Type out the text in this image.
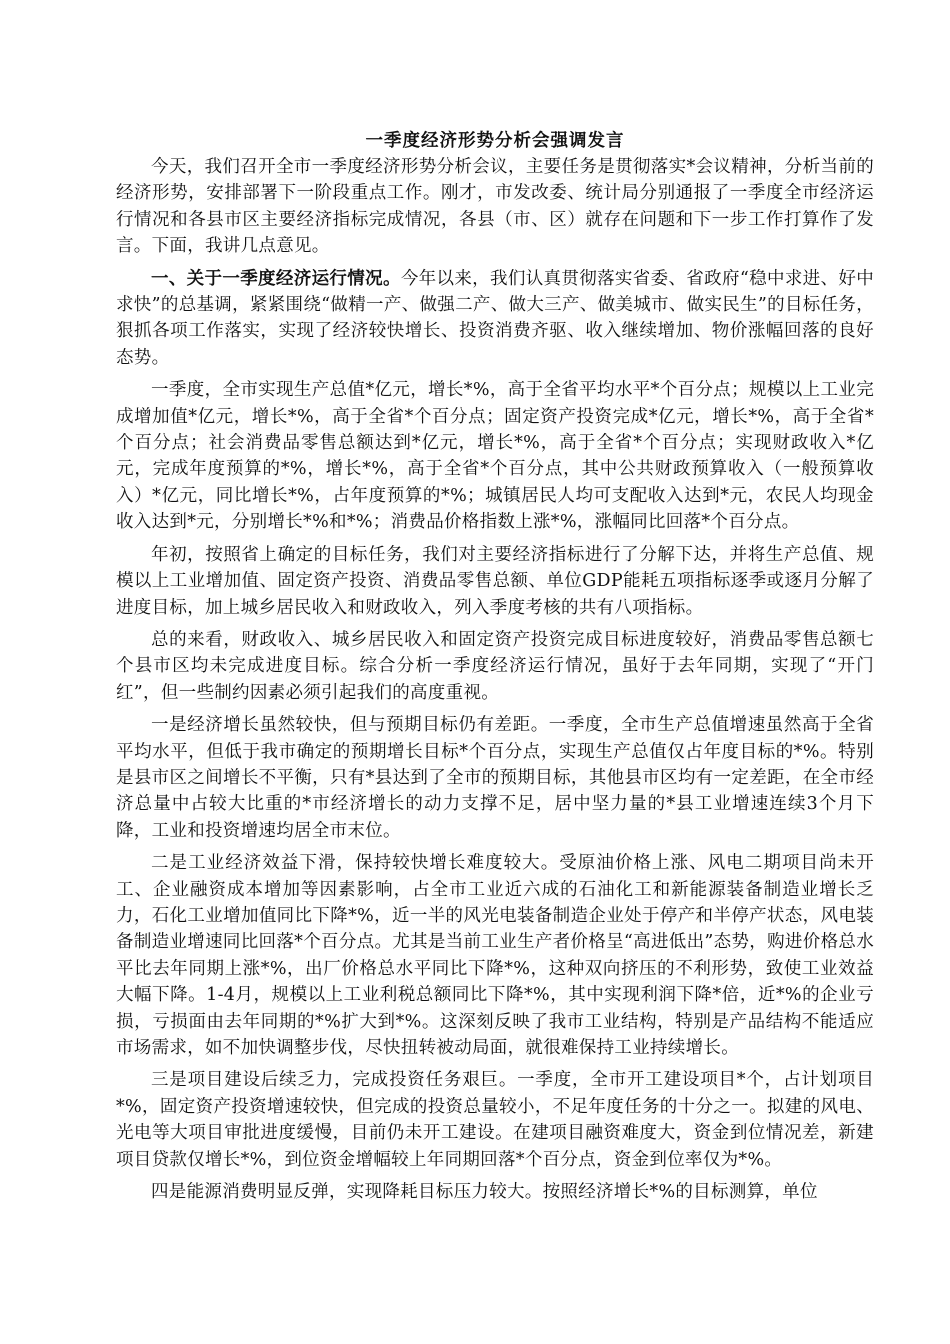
一季度经济形势分析会强调发言

今天，我们召开全市一季度经济形势分析会议，主要任务是贯彻落实*会议精神，分析当前的经济形势，安排部署下一阶段重点工作。刚才，市发改委、统计局分别通报了一季度全市经济运行情况和各县市区主要经济指标完成情况，各县（市、区）就存在问题和下一步工作打算作了发言。下面，我讲几点意见。

一、关于一季度经济运行情况。今年以来，我们认真贯彻落实省委、省政府“稳中求进、好中求快”的总基调，紧紧围绕“做精一产、做强二产、做大三产、做美城市、做实民生”的目标任务，狠抓各项工作落实，实现了经济较快增长、投资消费齐驱、收入继续增加、物价涨幅回落的良好态势。

一季度，全市实现生产总值*亿元，增长*%，高于全省平均水平*个百分点；规模以上工业完成增加值*亿元，增长*%，高于全省*个百分点；固定资产投资完成*亿元，增长*%，高于全省*个百分点；社会消费品零售总额达到*亿元，增长*%，高于全省*个百分点；实现财政收入*亿元，完成年度预算的*%，增长*%，高于全省*个百分点，其中公共财政预算收入（一般预算收入）*亿元，同比增长*%，占年度预算的*%；城镇居民人均可支配收入达到*元，农民人均现金收入达到*元，分别增长*%和*%；消费品价格指数上涨*%，涨幅同比回落*个百分点。

年初，按照省上确定的目标任务，我们对主要经济指标进行了分解下达，并将生产总值、规模以上工业增加值、固定资产投资、消费品零售总额、单位GDP能耗五项指标逐季或逐月分解了进度目标，加上城乡居民收入和财政收入，列入季度考核的共有八项指标。

总的来看，财政收入、城乡居民收入和固定资产投资完成目标进度较好，消费品零售总额七个县市区均未完成进度目标。综合分析一季度经济运行情况，虽好于去年同期，实现了“开门红”，但一些制约因素必须引起我们的高度重视。

一是经济增长虽然较快，但与预期目标仍有差距。一季度，全市生产总值增速虽然高于全省平均水平，但低于我市确定的预期增长目标*个百分点，实现生产总值仅占年度目标的*%。特别是县市区之间增长不平衡，只有*县达到了全市的预期目标，其他县市区均有一定差距，在全市经济总量中占较大比重的*市经济增长的动力支撑不足，居中坚力量的*县工业增速连续3个月下降，工业和投资增速均居全市末位。

二是工业经济效益下滑，保持较快增长难度较大。受原油价格上涨、风电二期项目尚未开工、企业融资成本增加等因素影响，占全市工业近六成的石油化工和新能源装备制造业增长乏力，石化工业增加值同比下降*%，近一半的风光电装备制造企业处于停产和半停产状态，风电装备制造业增速同比回落*个百分点。尤其是当前工业生产者价格呈“高进低出”态势，购进价格总水平比去年同期上涨*%，出厂价格总水平同比下降*%，这种双向挤压的不利形势，致使工业效益大幅下降。1-4月，规模以上工业利税总额同比下降*%，其中实现利润下降*倍，近*%的企业亏损，亏损面由去年同期的*%扩大到*%。这深刻反映了我市工业结构，特别是产品结构不能适应市场需求，如不加快调整步伐，尽快扭转被动局面，就很难保持工业持续增长。

三是项目建设后续乏力，完成投资任务艰巨。一季度，全市开工建设项目*个，占计划项目*%，固定资产投资增速较快，但完成的投资总量较小，不足年度任务的十分之一。拟建的风电、光电等大项目审批进度缓慢，目前仍未开工建设。在建项目融资难度大，资金到位情况差，新建项目贷款仅增长*%，到位资金增幅较上年同期回落*个百分点，资金到位率仅为*%。

四是能源消费明显反弹，实现降耗目标压力较大。按照经济增长*%的目标测算，单位
